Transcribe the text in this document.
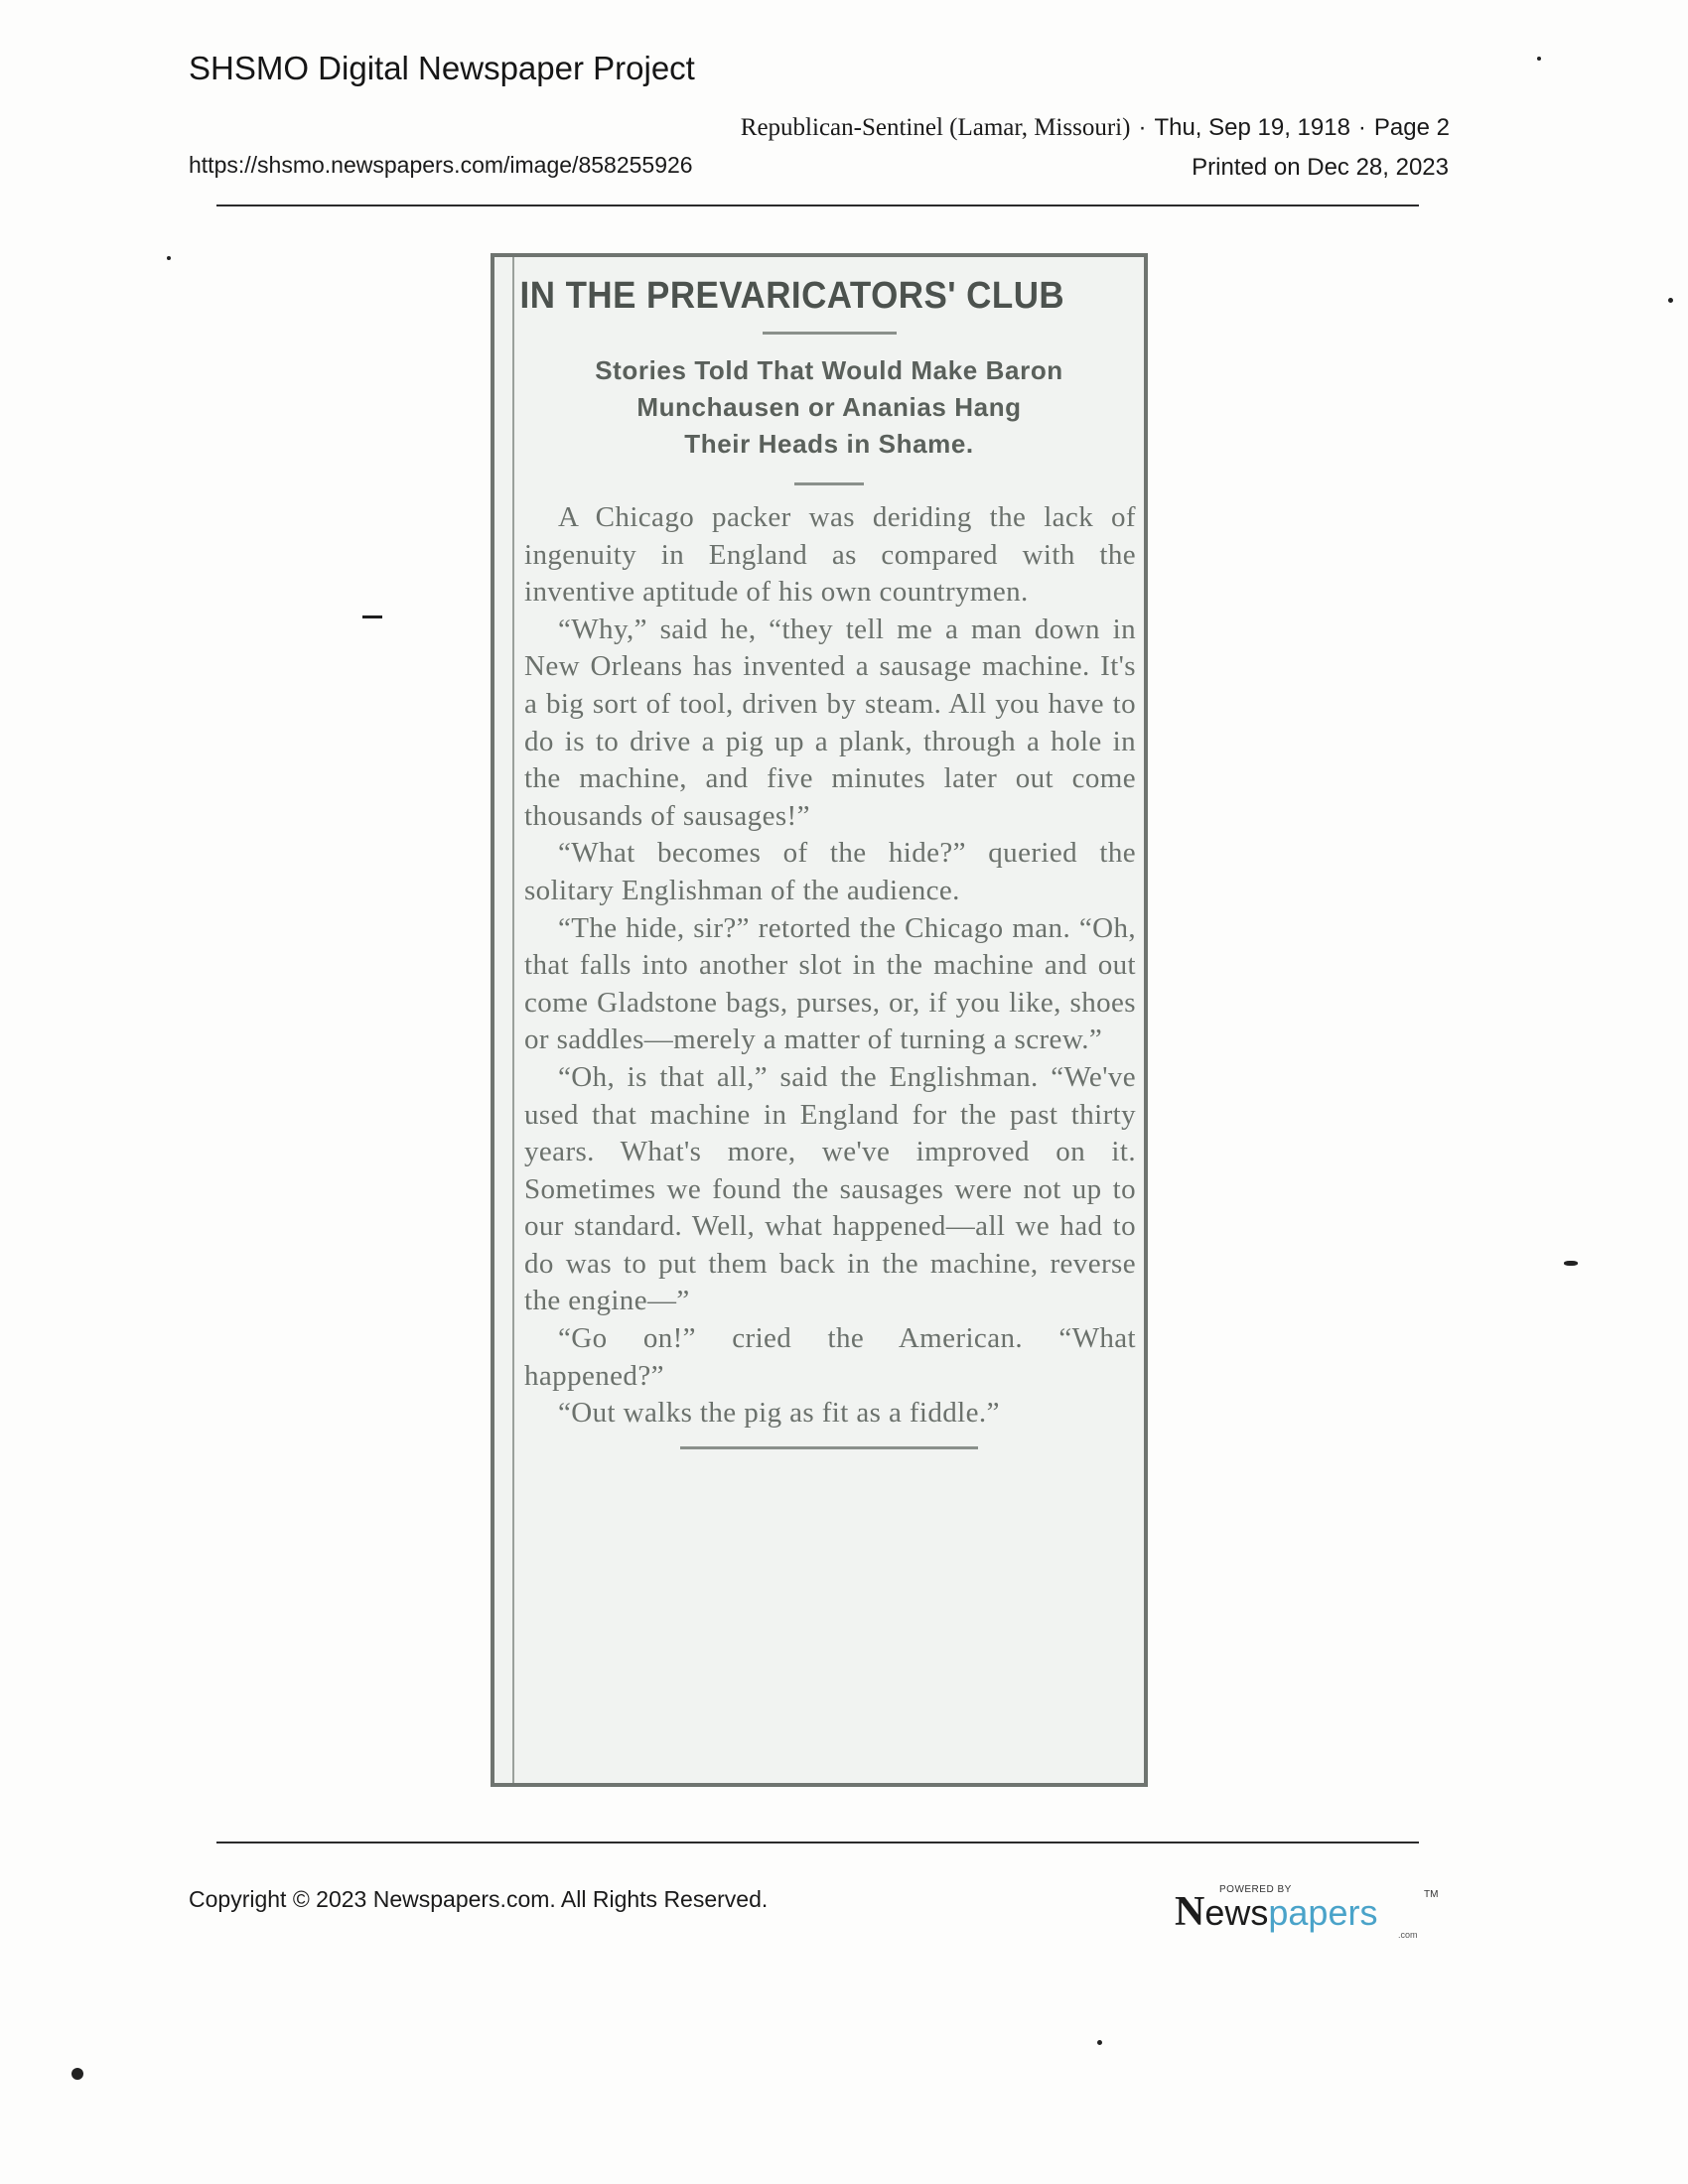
SHSMO Digital Newspaper Project
Republican-Sentinel (Lamar, Missouri) · Thu, Sep 19, 1918 · Page 2
https://shsmo.newspapers.com/image/858255926	Printed on Dec 28, 2023
IN THE PREVARICATORS' CLUB
Stories Told That Would Make Baron
Munchausen or Ananias Hang
Their Heads in Shame.

A Chicago packer was deriding the lack of ingenuity in England as compared with the inventive aptitude of his own countrymen.

“Why,” said he, “they tell me a man down in New Orleans has invented a sausage machine. It's a big sort of tool, driven by steam. All you have to do is to drive a pig up a plank, through a hole in the machine, and five minutes later out come thousands of sausages!”

“What becomes of the hide?” queried the solitary Englishman of the audience.

“The hide, sir?” retorted the Chicago man. “Oh, that falls into another slot in the machine and out come Gladstone bags, purses, or, if you like, shoes or saddles—merely a matter of turning a screw.”

“Oh, is that all,” said the Englishman. “We've used that machine in England for the past thirty years. What's more, we've improved on it. Sometimes we found the sausages were not up to our standard. Well, what happened—all we had to do was to put them back in the machine, reverse the engine—”

“Go on!” cried the American. “What happened?”

“Out walks the pig as fit as a fiddle.”

Copyright © 2023 Newspapers.com. All Rights Reserved.	POWERED BY
Newspapers	TM
.com
